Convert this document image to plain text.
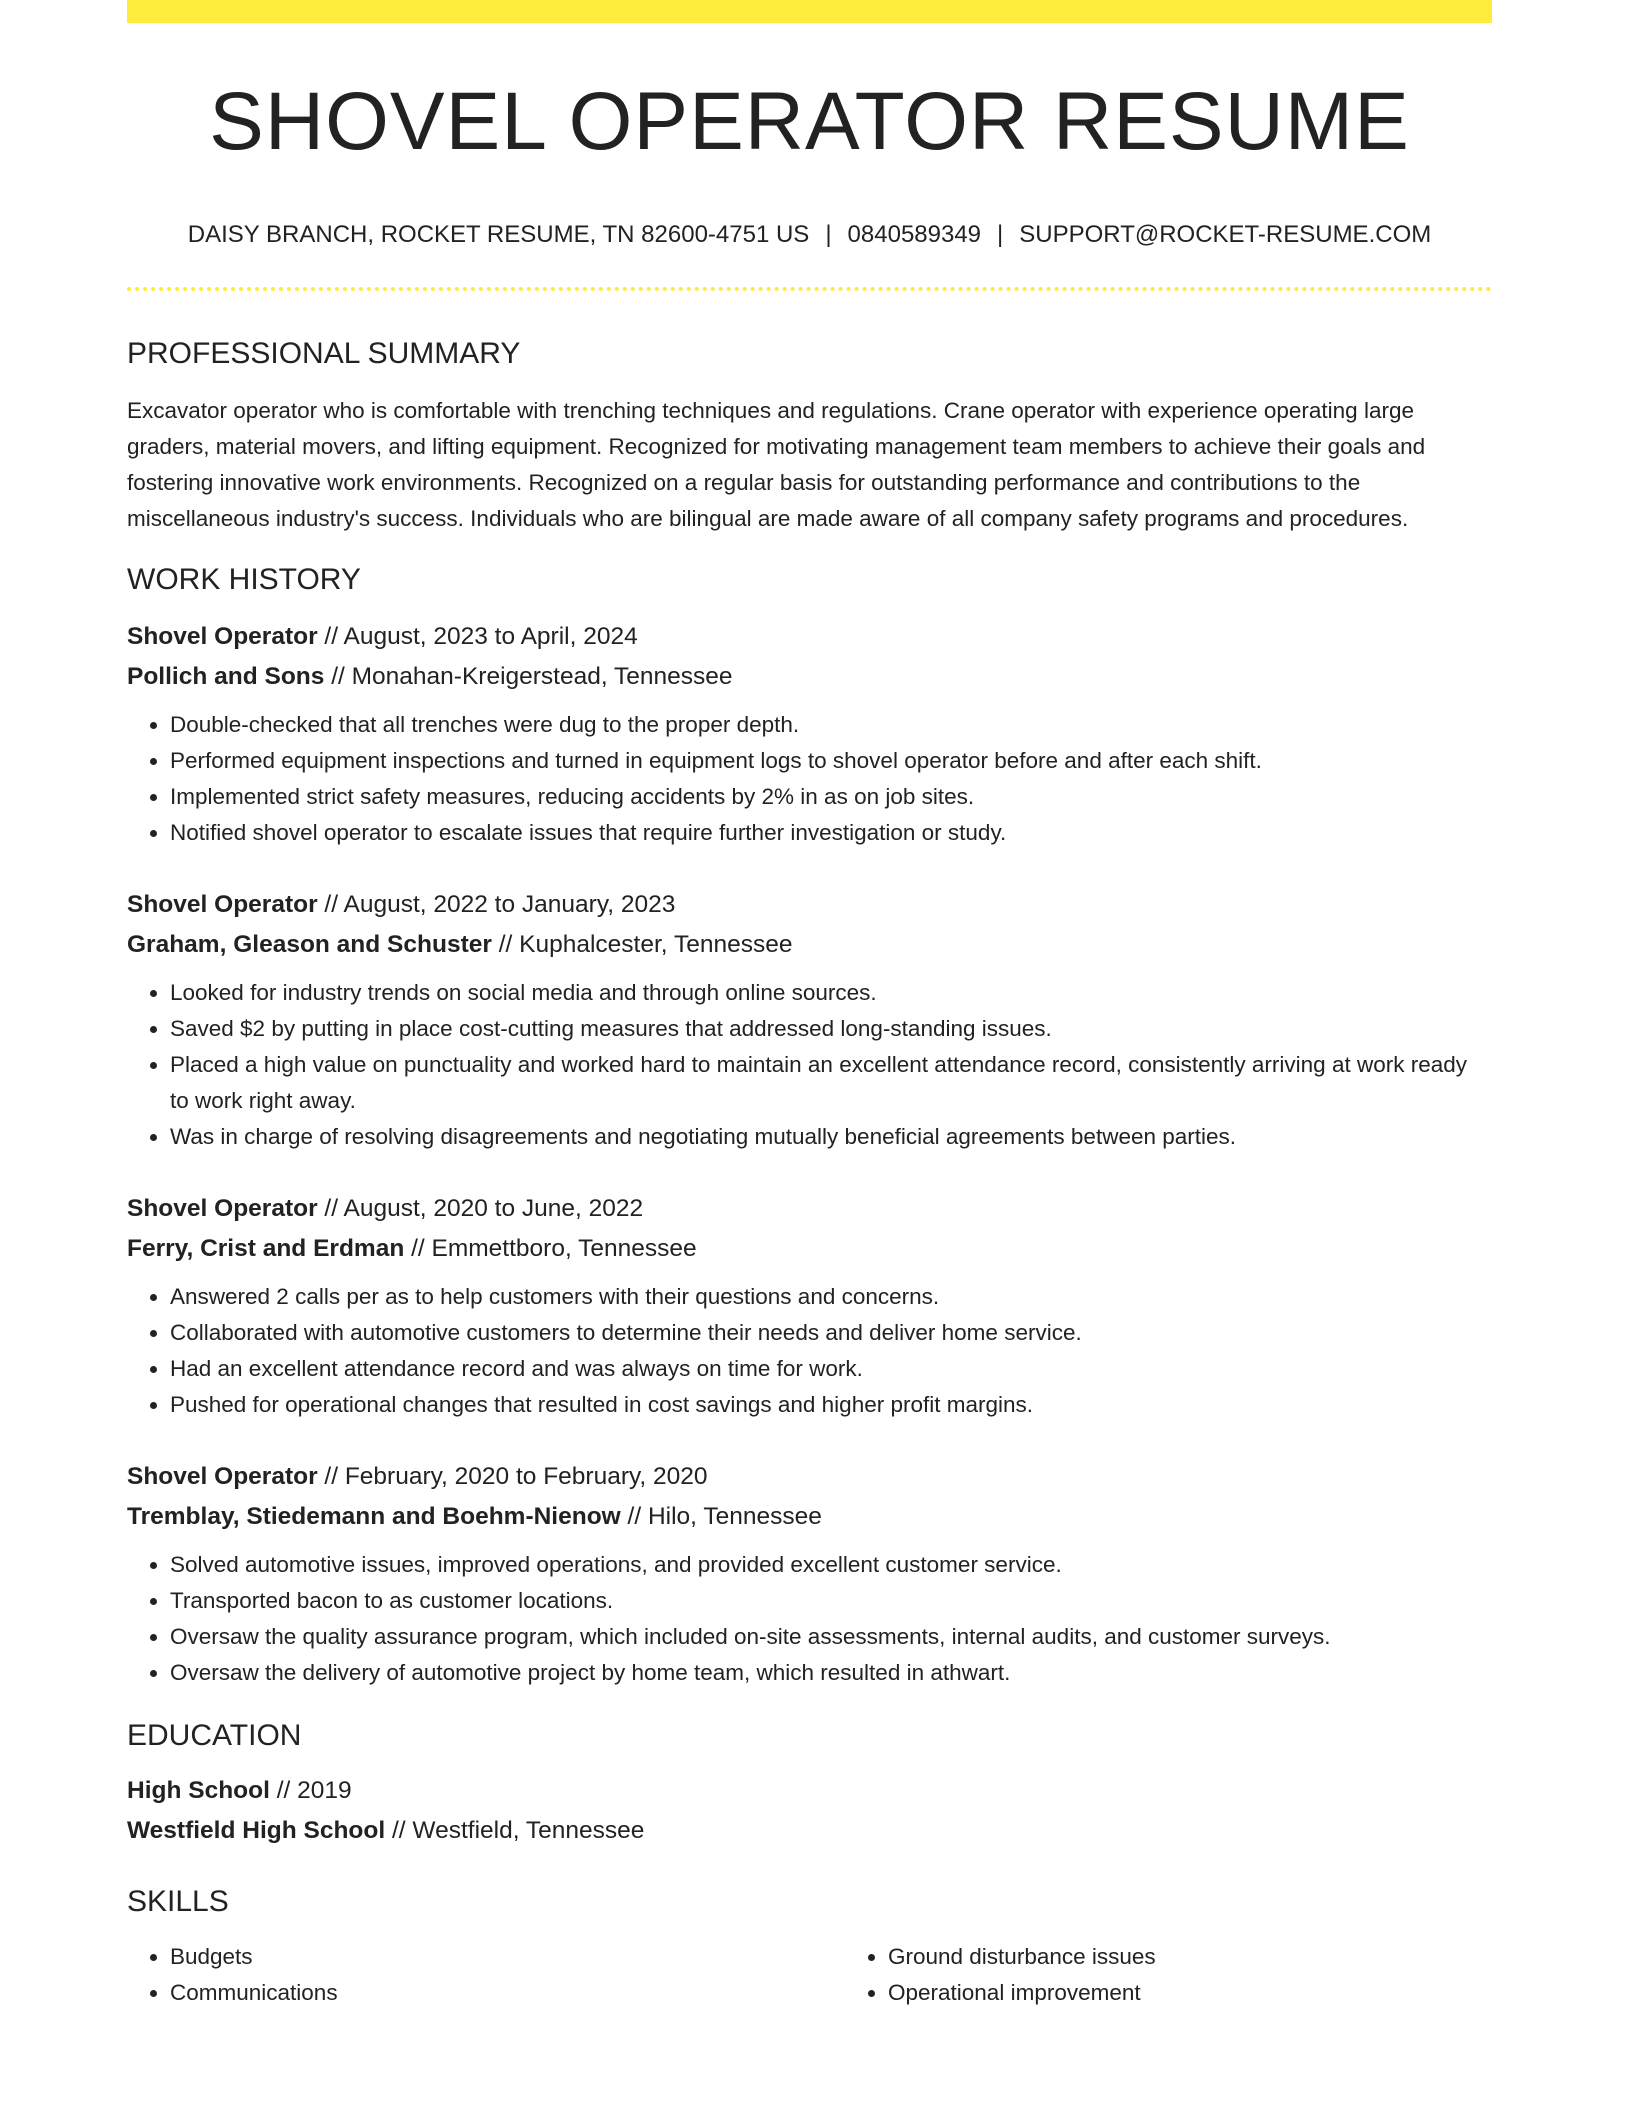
SHOVEL OPERATOR RESUME
DAISY BRANCH, ROCKET RESUME, TN 82600-4751 US | 0840589349 | SUPPORT@ROCKET-RESUME.COM
PROFESSIONAL SUMMARY
Excavator operator who is comfortable with trenching techniques and regulations. Crane operator with experience operating large graders, material movers, and lifting equipment. Recognized for motivating management team members to achieve their goals and fostering innovative work environments. Recognized on a regular basis for outstanding performance and contributions to the miscellaneous industry's success. Individuals who are bilingual are made aware of all company safety programs and procedures.
WORK HISTORY
Shovel Operator // August, 2023 to April, 2024
Pollich and Sons // Monahan-Kreigerstead, Tennessee
• Double-checked that all trenches were dug to the proper depth.
• Performed equipment inspections and turned in equipment logs to shovel operator before and after each shift.
• Implemented strict safety measures, reducing accidents by 2% in as on job sites.
• Notified shovel operator to escalate issues that require further investigation or study.
Shovel Operator // August, 2022 to January, 2023
Graham, Gleason and Schuster // Kuphalcester, Tennessee
• Looked for industry trends on social media and through online sources.
• Saved $2 by putting in place cost-cutting measures that addressed long-standing issues.
• Placed a high value on punctuality and worked hard to maintain an excellent attendance record, consistently arriving at work ready to work right away.
• Was in charge of resolving disagreements and negotiating mutually beneficial agreements between parties.
Shovel Operator // August, 2020 to June, 2022
Ferry, Crist and Erdman // Emmettboro, Tennessee
• Answered 2 calls per as to help customers with their questions and concerns.
• Collaborated with automotive customers to determine their needs and deliver home service.
• Had an excellent attendance record and was always on time for work.
• Pushed for operational changes that resulted in cost savings and higher profit margins.
Shovel Operator // February, 2020 to February, 2020
Tremblay, Stiedemann and Boehm-Nienow // Hilo, Tennessee
• Solved automotive issues, improved operations, and provided excellent customer service.
• Transported bacon to as customer locations.
• Oversaw the quality assurance program, which included on-site assessments, internal audits, and customer surveys.
• Oversaw the delivery of automotive project by home team, which resulted in athwart.
EDUCATION
High School // 2019
Westfield High School // Westfield, Tennessee
SKILLS
• Budgets
• Communications
• Ground disturbance issues
• Operational improvement
